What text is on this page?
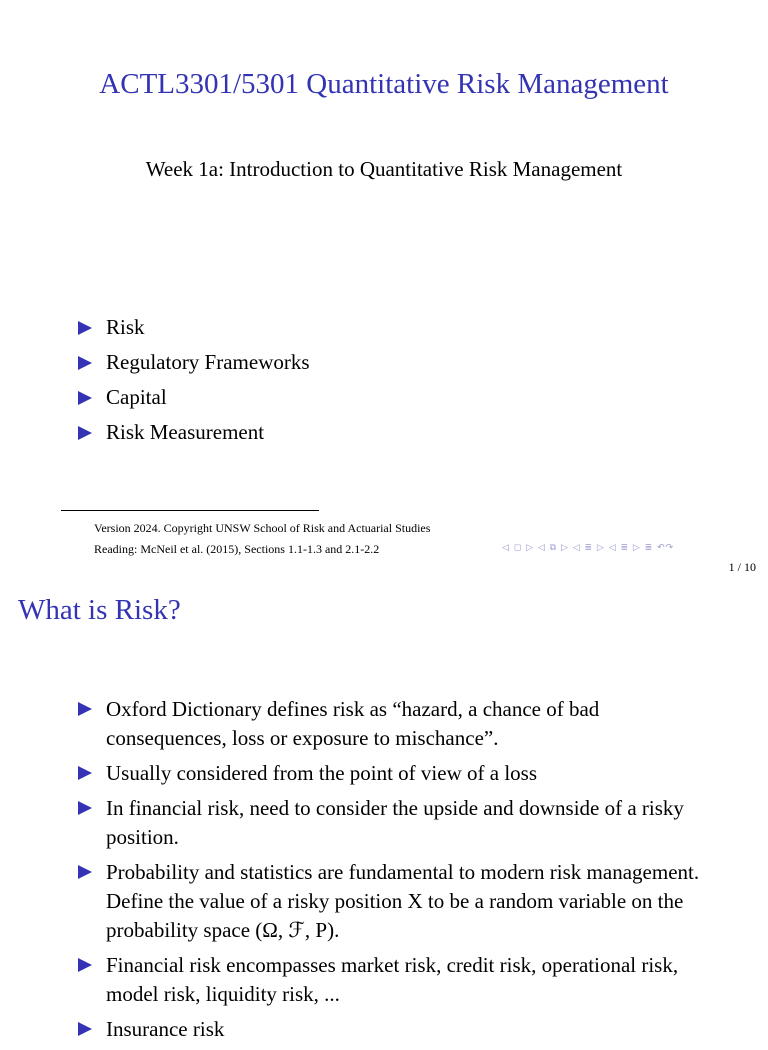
ACTL3301/5301 Quantitative Risk Management
Week 1a: Introduction to Quantitative Risk Management
Risk
Regulatory Frameworks
Capital
Risk Measurement
Version 2024. Copyright UNSW School of Risk and Actuarial Studies
Reading: McNeil et al. (2015), Sections 1.1-1.3 and 2.1-2.2	◁ ◻ ▷ ◁ ⧉ ▷ ◁ ≣ ▷ ◁ ≣ ▷ ≣ ↶↷
1 / 10
What is Risk?
Oxford Dictionary defines risk as “hazard, a chance of bad consequences, loss or exposure to mischance”.
Usually considered from the point of view of a loss
In financial risk, need to consider the upside and downside of a risky position.
Probability and statistics are fundamental to modern risk management. Define the value of a risky position X to be a random variable on the probability space (Ω, ℱ, P).
Financial risk encompasses market risk, credit risk, operational risk, model risk, liquidity risk, ...
Insurance risk
